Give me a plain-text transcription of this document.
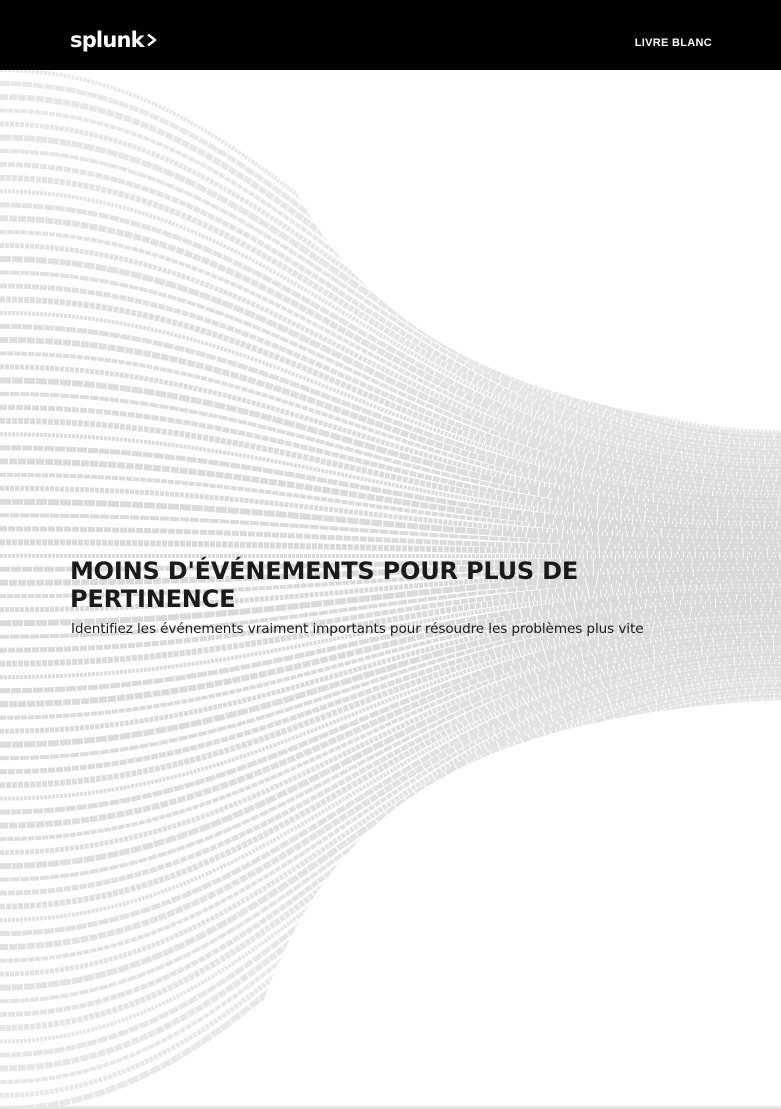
splunk	LIVRE BLANC
MOINS D'ÉVÉNEMENTS POUR PLUS DE PERTINENCE

Identifiez les événements vraiment importants pour résoudre les problèmes plus vite
